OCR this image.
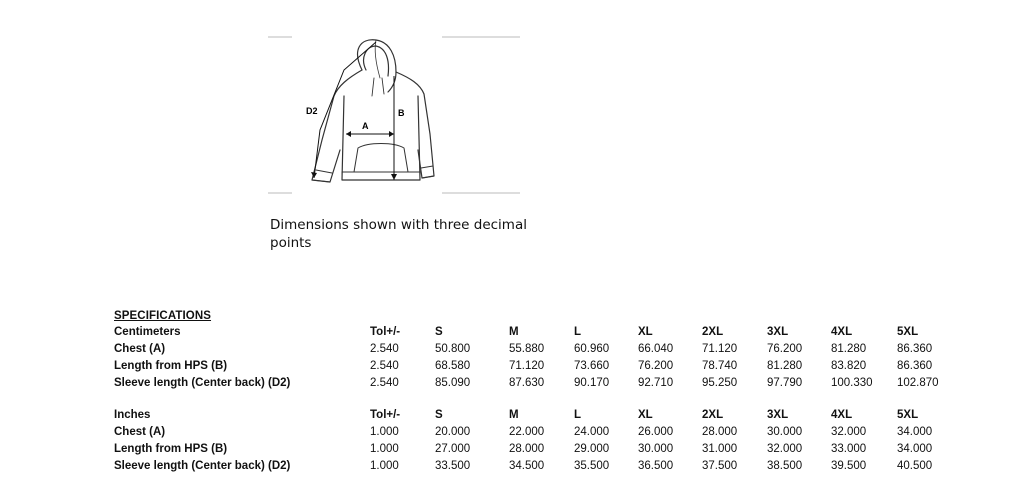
A
B
D2
Dimensions shown with three decimal points
SPECIFICATIONS
Centimeters	Tol+/-	S	M	L	XL	2XL	3XL	4XL	5XL
Chest (A)	2.540	50.800	55.880	60.960	66.040	71.120	76.200	81.280	86.360
Length from HPS (B)	2.540	68.580	71.120	73.660	76.200	78.740	81.280	83.820	86.360
Sleeve length (Center back) (D2)	2.540	85.090	87.630	90.170	92.710	95.250	97.790	100.330	102.870
Inches	Tol+/-	S	M	L	XL	2XL	3XL	4XL	5XL
Chest (A)	1.000	20.000	22.000	24.000	26.000	28.000	30.000	32.000	34.000
Length from HPS (B)	1.000	27.000	28.000	29.000	30.000	31.000	32.000	33.000	34.000
Sleeve length (Center back) (D2)	1.000	33.500	34.500	35.500	36.500	37.500	38.500	39.500	40.500
